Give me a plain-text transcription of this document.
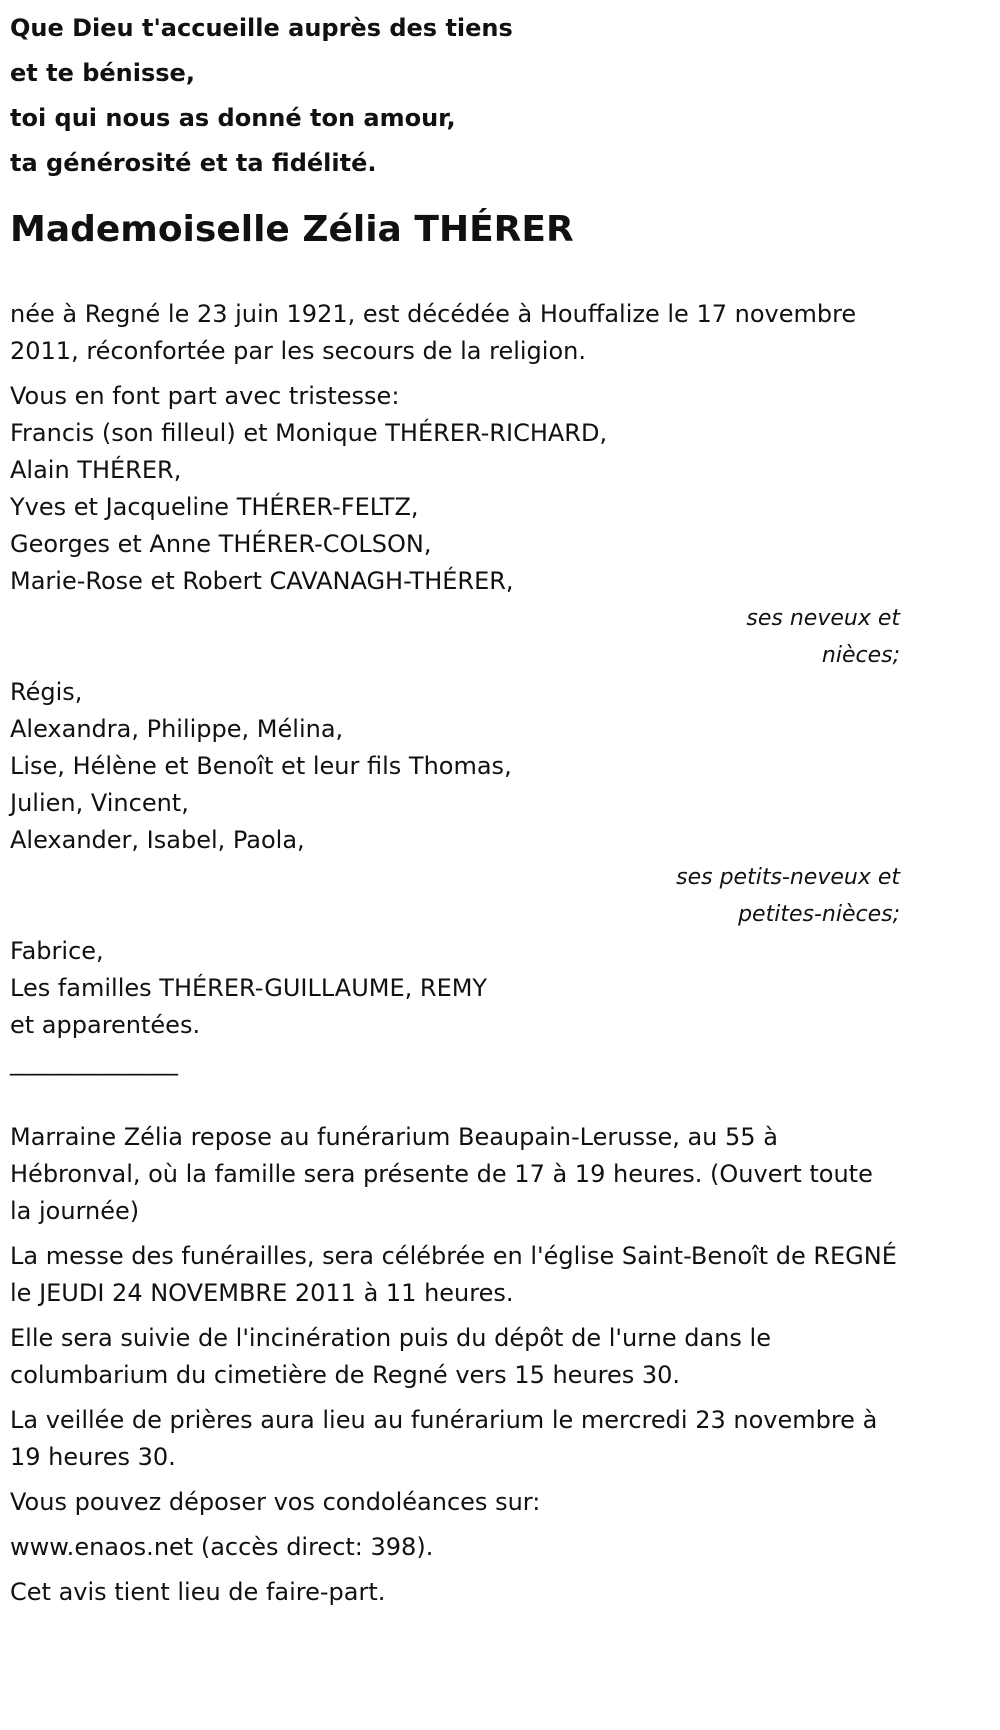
Que Dieu t'accueille auprès des tiens
et te bénisse,
toi qui nous as donné ton amour,
ta générosité et ta fidélité.
Mademoiselle Zélia THÉRER

née à Regné le 23 juin 1921, est décédée à Houffalize le 17 novembre 2011, réconfortée par les secours de la religion.

Vous en font part avec tristesse:
Francis (son filleul) et Monique THÉRER-RICHARD,
Alain THÉRER,
Yves et Jacqueline THÉRER-FELTZ,
Georges et Anne THÉRER-COLSON,
Marie-Rose et Robert CAVANAGH-THÉRER,
ses neveux et
nièces;
Régis,
Alexandra, Philippe, Mélina,
Lise, Hélène et Benoît et leur fils Thomas,
Julien, Vincent,
Alexander, Isabel, Paola,
ses petits-neveux et
petites-nièces;
Fabrice,
Les familles THÉRER-GUILLAUME, REMY
et apparentées.
______________

Marraine Zélia repose au funérarium Beaupain-Lerusse, au 55 à Hébronval, où la famille sera présente de 17 à 19 heures. (Ouvert toute la journée)

La messe des funérailles, sera célébrée en l'église Saint-Benoît de REGNÉ le JEUDI 24 NOVEMBRE 2011 à 11 heures.

Elle sera suivie de l'incinération puis du dépôt de l'urne dans le columbarium du cimetière de Regné vers 15 heures 30.

La veillée de prières aura lieu au funérarium le mercredi 23 novembre à 19 heures 30.

Vous pouvez déposer vos condoléances sur:

www.enaos.net (accès direct: 398).

Cet avis tient lieu de faire-part.
